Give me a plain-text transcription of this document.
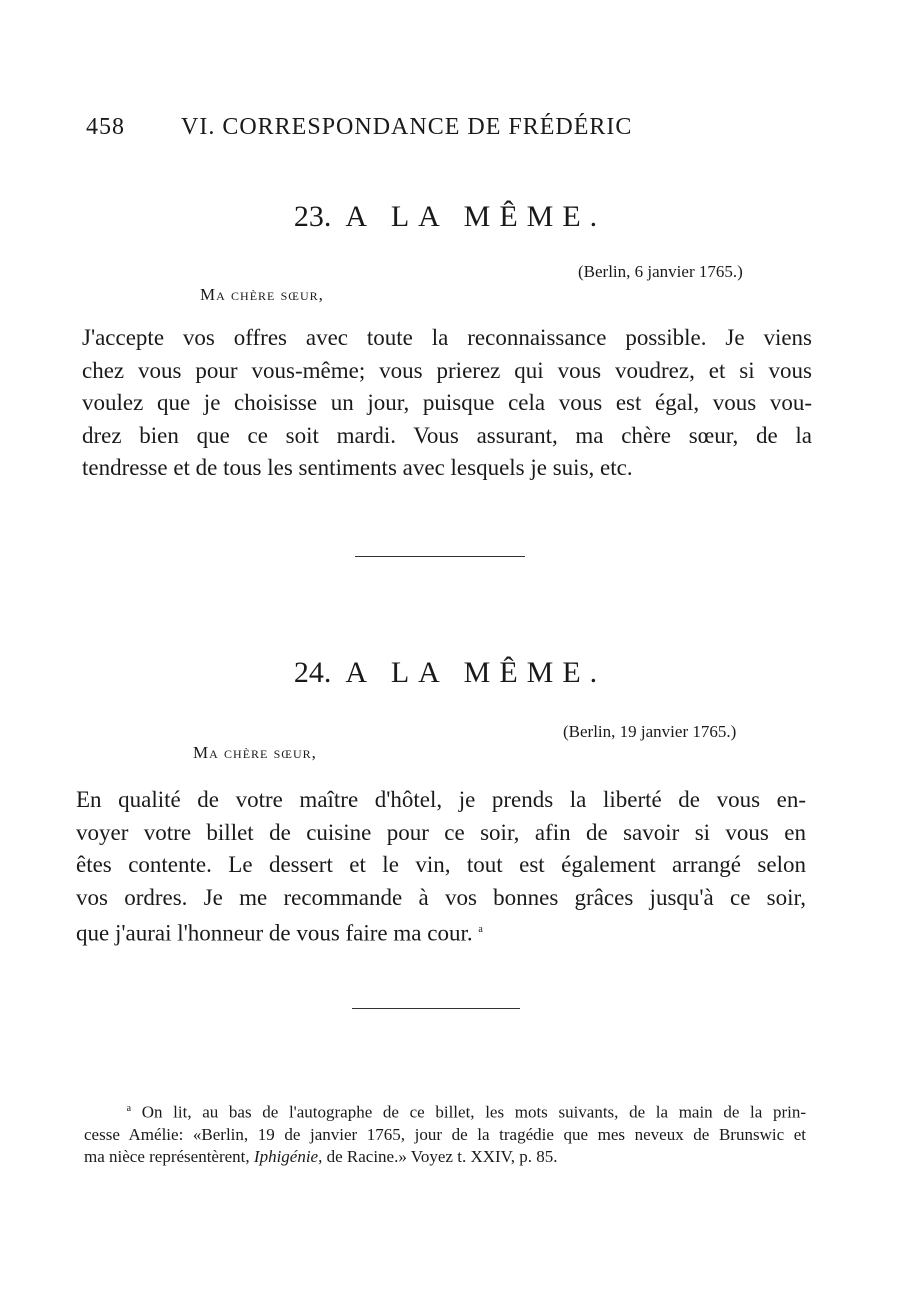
458 VI. CORRESPONDANCE DE FRÉDÉRIC
23. A LA MÊME.
(Berlin, 6 janvier 1765.)
Ma chère sœur,
J'accepte vos offres avec toute la reconnaissance possible. Je viens
chez vous pour vous-même; vous prierez qui vous voudrez, et si vous
voulez que je choisisse un jour, puisque cela vous est égal, vous vou-
drez bien que ce soit mardi. Vous assurant, ma chère sœur, de la
tendresse et de tous les sentiments avec lesquels je suis, etc.
24. A LA MÊME.
(Berlin, 19 janvier 1765.)
Ma chère sœur,
En qualité de votre maître d'hôtel, je prends la liberté de vous en-
voyer votre billet de cuisine pour ce soir, afin de savoir si vous en
êtes contente. Le dessert et le vin, tout est également arrangé selon
vos ordres. Je me recommande à vos bonnes grâces jusqu'à ce soir,
que j'aurai l'honneur de vous faire ma cour. $^a$
$^a$ On lit, au bas de l'autographe de ce billet, les mots suivants, de la main de la prin-
cesse Amélie: «Berlin, 19 de janvier 1765, jour de la tragédie que mes neveux de Brunswic et
ma nièce représentèrent, Iphigénie, de Racine.» Voyez t. XXIV, p. 85.
